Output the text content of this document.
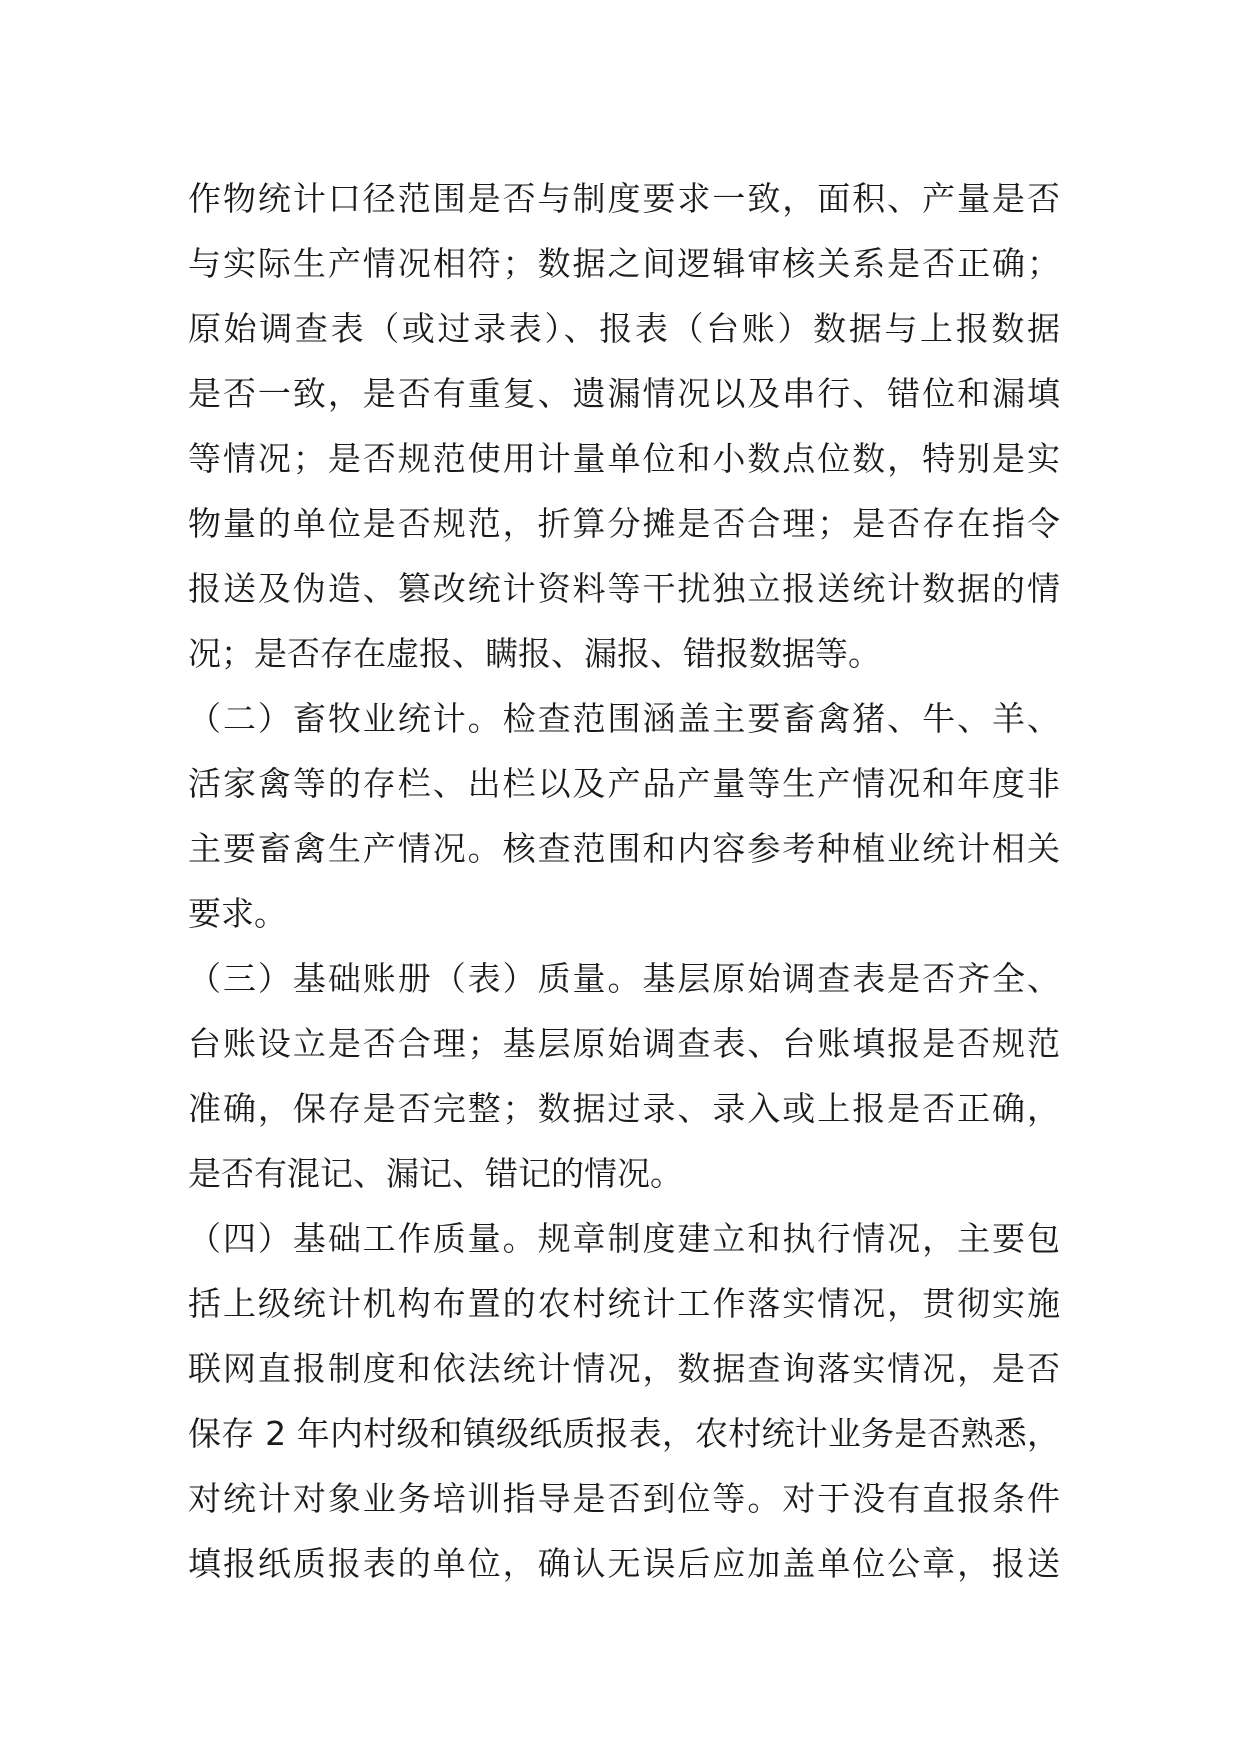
作物统计口径范围是否与制度要求一致，面积、产量是否
与实际生产情况相符；数据之间逻辑审核关系是否正确；
原始调查表（或过录表）、报表（台账）数据与上报数据
是否一致，是否有重复、遗漏情况以及串行、错位和漏填
等情况；是否规范使用计量单位和小数点位数，特别是实
物量的单位是否规范，折算分摊是否合理；是否存在指令
报送及伪造、篡改统计资料等干扰独立报送统计数据的情
况；是否存在虚报、瞒报、漏报、错报数据等。
（二）畜牧业统计。检查范围涵盖主要畜禽猪、牛、羊、
活家禽等的存栏、出栏以及产品产量等生产情况和年度非
主要畜禽生产情况。核查范围和内容参考种植业统计相关
要求。
（三）基础账册（表）质量。基层原始调查表是否齐全、
台账设立是否合理；基层原始调查表、台账填报是否规范
准确，保存是否完整；数据过录、录入或上报是否正确，
是否有混记、漏记、错记的情况。
（四）基础工作质量。规章制度建立和执行情况，主要包
括上级统计机构布置的农村统计工作落实情况，贯彻实施
联网直报制度和依法统计情况，数据查询落实情况，是否
保存 2 年内村级和镇级纸质报表，农村统计业务是否熟悉，
对统计对象业务培训指导是否到位等。对于没有直报条件
填报纸质报表的单位，确认无误后应加盖单位公章，报送
